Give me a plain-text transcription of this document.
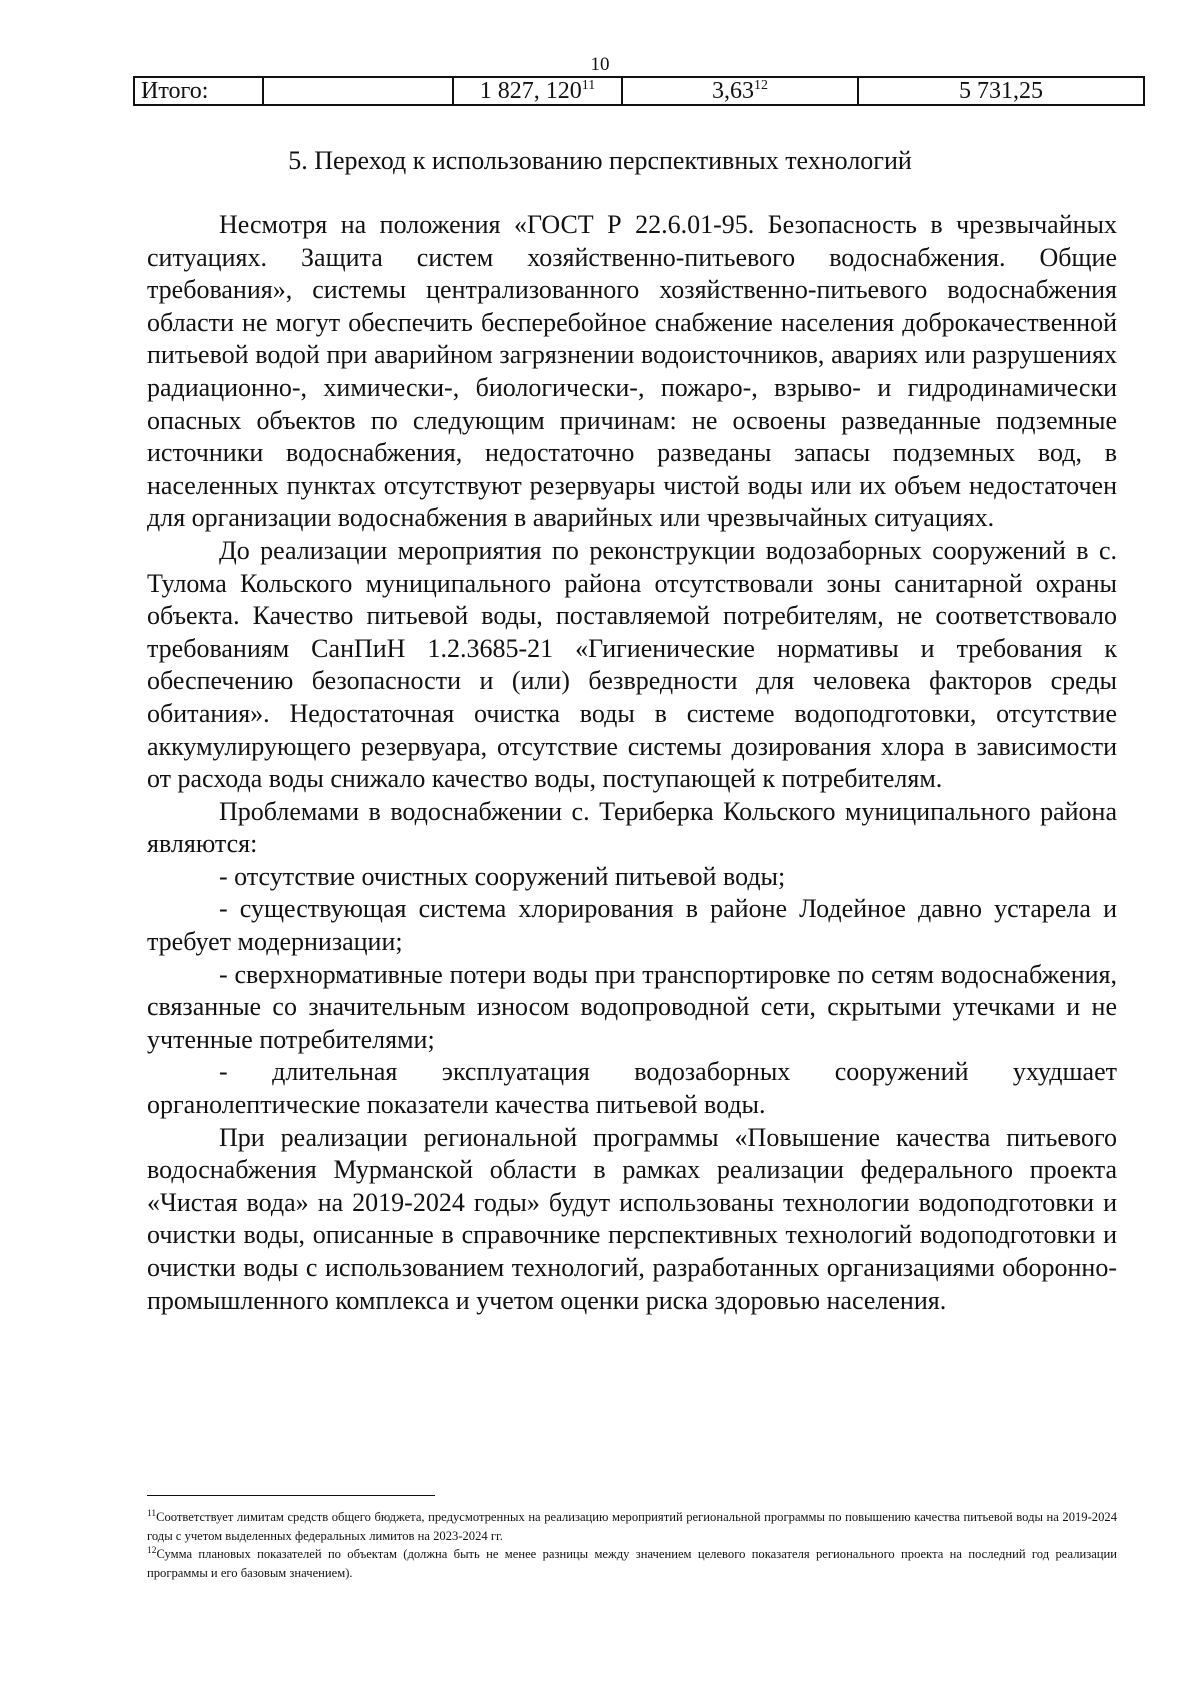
10
Итого:		1 827, $120^{11}$	3,63$^{12}$	5 731,25
5. Переход к использованию перспективных технологий

Несмотря на положения «ГОСТ Р 22.6.01-95. Безопасность в чрезвычайных ситуациях. Защита систем хозяйственно-питьевого водоснабжения. Общие требования», системы централизованного хозяйственно-питьевого водоснабжения области не могут обеспечить бесперебойное снабжение населения доброкачественной питьевой водой при аварийном загрязнении водоисточников, авариях или разрушениях радиационно-, химически-, биологически-, пожаро-, взрыво- и гидродинамически опасных объектов по следующим причинам: не освоены разведанные подземные источники водоснабжения, недостаточно разведаны запасы подземных вод, в населенных пунктах отсутствуют резервуары чистой воды или их объем недостаточен для организации водоснабжения в аварийных или чрезвычайных ситуациях.

До реализации мероприятия по реконструкции водозаборных сооружений в с. Тулома Кольского муниципального района отсутствовали зоны санитарной охраны объекта. Качество питьевой воды, поставляемой потребителям, не соответствовало требованиям СанПиН 1.2.3685-21 «Гигиенические нормативы и требования к обеспечению безопасности и (или) безвредности для человека факторов среды обитания». Недостаточная очистка воды в системе водоподготовки, отсутствие аккумулирующего резервуара, отсутствие системы дозирования хлора в зависимости от расхода воды снижало качество воды, поступающей к потребителям.

Проблемами в водоснабжении с. Териберка Кольского муниципального района являются:

- отсутствие очистных сооружений питьевой воды;

- существующая система хлорирования в районе Лодейное давно устарела и требует модернизации;

- сверхнормативные потери воды при транспортировке по сетям водоснабжения, связанные со значительным износом водопроводной сети, скрытыми утечками и не учтенные потребителями;

- длительная эксплуатация водозаборных сооружений ухудшает органолептические показатели качества питьевой воды.

При реализации региональной программы «Повышение качества питьевого водоснабжения Мурманской области в рамках реализации федерального проекта «Чистая вода» на 2019-2024 годы» будут использованы технологии водоподготовки и очистки воды, описанные в справочнике перспективных технологий водоподготовки и очистки воды с использованием технологий, разработанных организациями оборонно-промышленного комплекса и учетом оценки риска здоровью населения.

$^{11}$Соответствует лимитам средств общего бюджета, предусмотренных на реализацию мероприятий региональной программы по повышению качества питьевой воды на 2019-2024 годы с учетом выделенных федеральных лимитов на 2023-2024 гг.

$^{12}$Сумма плановых показателей по объектам (должна быть не менее разницы между значением целевого показателя регионального проекта на последний год реализации программы и его базовым значением).
